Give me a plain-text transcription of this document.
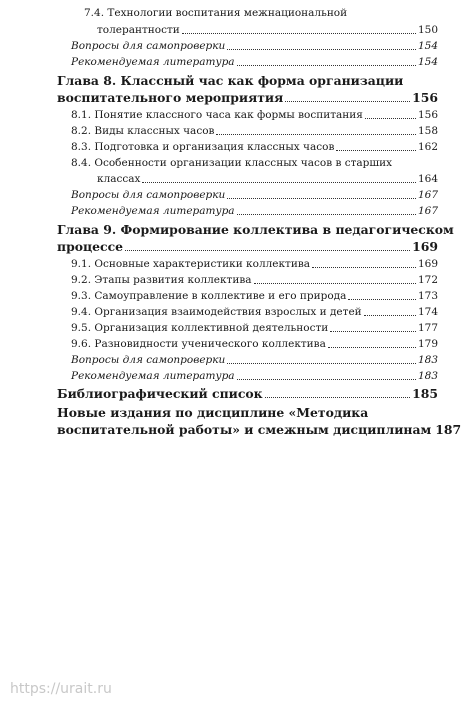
7.4. Технологии воспитания межнациональной
толерантности	150
Вопросы для самопроверки	154
Рекомендуемая литература	154
Глава 8. Классный час как форма организации
воспитательного мероприятия	156
8.1. Понятие классного часа как формы воспитания	156
8.2. Виды классных часов	158
8.3. Подготовка и организация классных часов	162
8.4. Особенности организации классных часов в старших
классах	164
Вопросы для самопроверки	167
Рекомендуемая литература	167
Глава 9. Формирование коллектива в педагогическом
процессе	169
9.1. Основные характеристики коллектива	169
9.2. Этапы развития коллектива	172
9.3. Самоуправление в коллективе и его природа	173
9.4. Организация взаимодействия взрослых и детей	174
9.5. Организация коллективной деятельности	177
9.6. Разновидности ученического коллектива	179
Вопросы для самопроверки	183
Рекомендуемая литература	183
Библиографический список	185
Новые издания по дисциплине «Методика
воспитательной работы» и смежным дисциплинам 187
https://urait.ru
